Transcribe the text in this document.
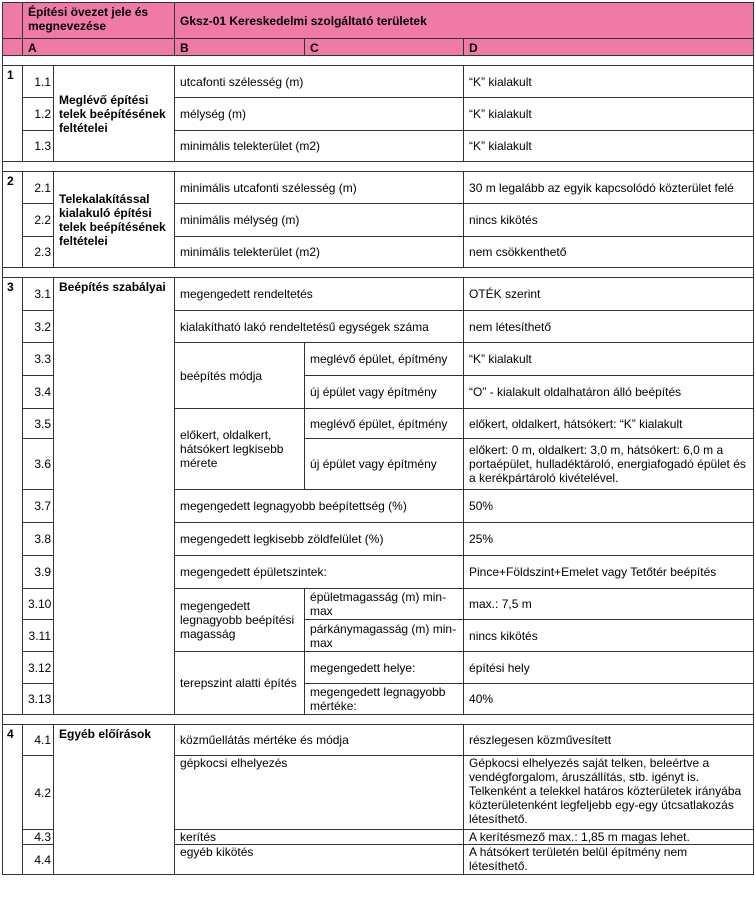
	Építési övezet jele és megnevezése		Gksz-01 Kereskedelmi szolgáltató területek		
	A		B	C	D

1	1.1	Meglévő építési telek beépítésének feltételei	utcafonti szélesség (m)		“K” kialakult
	1.2		mélység (m)		“K” kialakult
	1.3		minimális telekterület (m2)		“K” kialakult

2	2.1	Telekalakítással kialakuló építési telek beépítésének feltételei	minimális utcafonti szélesség (m)		30 m legalább az egyik kapcsolódó közterület felé
	2.2		minimális mélység (m)		nincs kikötés
	2.3		minimális telekterület (m2)		nem csökkenthető

3	3.1	Beépítés szabályai	megengedett rendeltetés		OTÉK szerint
	3.2		kialakítható lakó rendeltetésű egységek száma		nem létesíthető
	3.3		beépítés módja	meglévő épület, építmény	“K” kialakult
	3.4			új épület vagy építmény	“O” - kialakult oldalhatáron álló beépítés
	3.5		előkert, oldalkert, hátsókert legkisebb mérete	meglévő épület, építmény	előkert, oldalkert, hátsókert: “K” kialakult
	3.6			új épület vagy építmény	előkert: 0 m, oldalkert: 3,0 m, hátsókert: 6,0 m a portaépület, hulladéktároló, energiafogadó épület és a kerékpártároló kivételével.
	3.7		megengedett legnagyobb beépítettség (%)		50%
	3.8		megengedett legkisebb zöldfelület (%)		25%
	3.9		megengedett épületszintek:		Pince+Földszint+Emelet vagy Tetőtér beépítés
	3.10		megengedett legnagyobb beépítési magasság	épületmagasság (m) min-max	max.: 7,5 m
	3.11			párkánymagasság (m) min-max	nincs kikötés
	3.12		terepszint alatti építés	megengedett helye:	építési hely
	3.13			megengedett legnagyobb mértéke:	40%

4	4.1	Egyéb előírások	közműellátás mértéke és módja		részlegesen közművesített
	4.2		gépkocsi elhelyezés		Gépkocsi elhelyezés saját telken, beleértve a vendégforgalom, áruszállítás, stb. igényt is. Telkenként a telekkel határos közterületek irányába közterületenként legfeljebb egy-egy útcsatlakozás létesíthető.
	4.3		kerítés		A kerítésmező max.: 1,85 m magas lehet.
	4.4		egyéb kikötés		A hátsókert területén belül építmény nem létesíthető.
